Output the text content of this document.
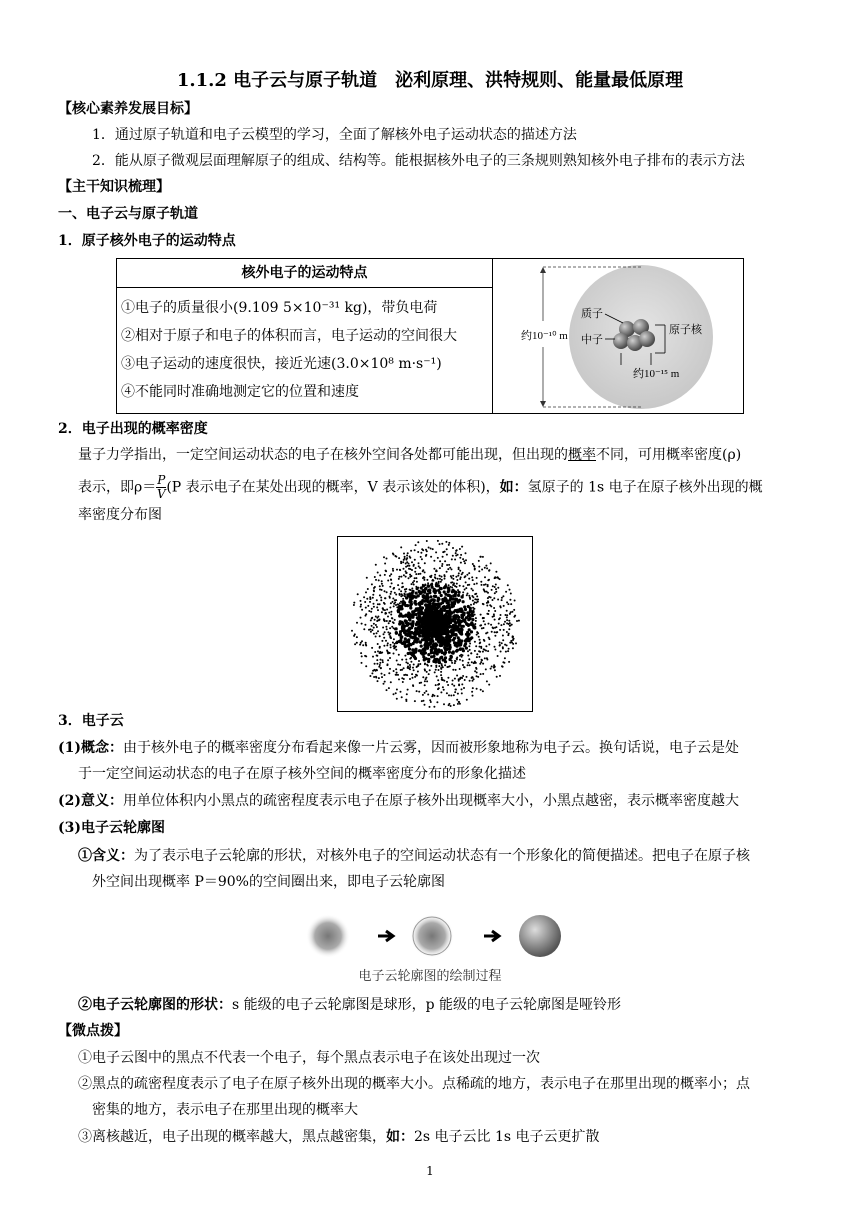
1.1.2 电子云与原子轨道　泌利原理、洪特规则、能量最低原理
【核心素养发展目标】
1．通过原子轨道和电子云模型的学习，全面了解核外电子运动状态的描述方法
2．能从原子微观层面理解原子的组成、结构等。能根据核外电子的三条规则熟知核外电子排布的表示方法
【主干知识梳理】
一、电子云与原子轨道
1．原子核外电子的运动特点
核外电子的运动特点
①电子的质量很小(9.109 5×10⁻³¹ kg)，带负电荷
②相对于原子和电子的体积而言，电子运动的空间很大
③电子运动的速度很快，接近光速(3.0×10⁸ m·s⁻¹)
④不能同时准确地测定它的位置和速度

约10⁻¹⁰ m
质子
中子
原子核
约10⁻¹⁵ m
2．电子出现的概率密度
量子力学指出，一定空间运动状态的电子在核外空间各处都可能出现，但出现的概率不同，可用概率密度(ρ)
表示，即$\rho= \frac{P}{V} (P$ 表示电子在某处出现的概率，V 表示该处的体积)，如：氢原子的 1s 电子在原子核外出现的概
率密度分布图
3．电子云
(1)概念：由于核外电子的概率密度分布看起来像一片云雾，因而被形象地称为电子云。换句话说，电子云是处
于一定空间运动状态的电子在原子核外空间的概率密度分布的形象化描述
(2)意义：用单位体积内小黑点的疏密程度表示电子在原子核外出现概率大小，小黑点越密，表示概率密度越大
(3)电子云轮廓图
①含义：为了表示电子云轮廓的形状，对核外电子的空间运动状态有一个形象化的简便描述。把电子在原子核
外空间出现概率 P＝90%的空间圈出来，即电子云轮廓图
电子云轮廓图的绘制过程
②电子云轮廓图的形状：s 能级的电子云轮廓图是球形，p 能级的电子云轮廓图是哑铃形
【微点拨】
①电子云图中的黑点不代表一个电子，每个黑点表示电子在该处出现过一次
②黑点的疏密程度表示了电子在原子核外出现的概率大小。点稀疏的地方，表示电子在那里出现的概率小；点
密集的地方，表示电子在那里出现的概率大
③离核越近，电子出现的概率越大，黑点越密集，如：2s 电子云比 1s 电子云更扩散
1
